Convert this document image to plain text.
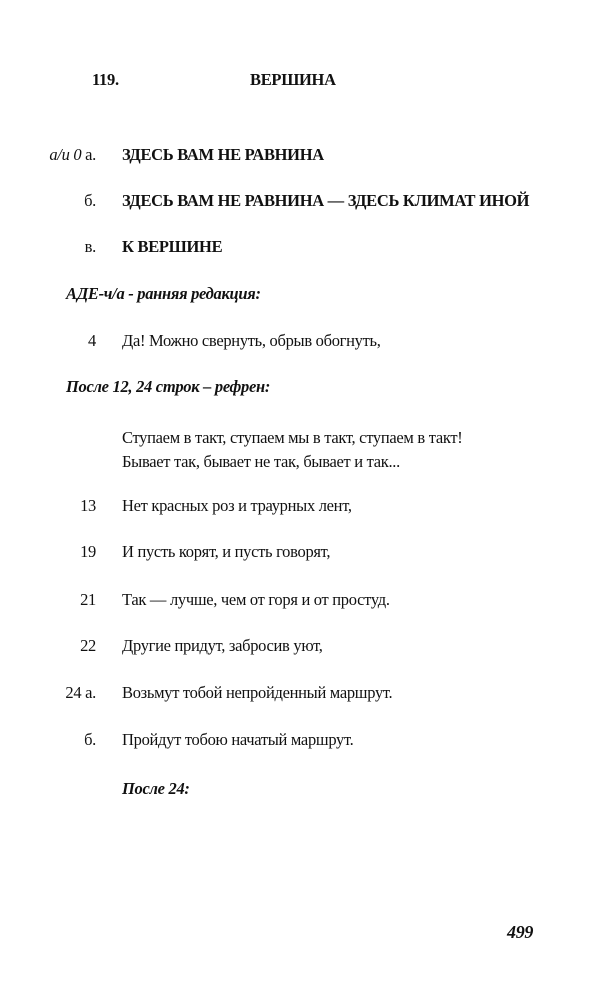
119.	ВЕРШИНА
а/и 0 а. ЗДЕСЬ ВАМ НЕ РАВНИНА
б. ЗДЕСЬ ВАМ НЕ РАВНИНА — ЗДЕСЬ КЛИМАТ ИНОЙ
в. К ВЕРШИНЕ
АДЕ-ч/а - ранняя редакция:
4 Да! Можно свернуть, обрыв обогнуть,
После 12, 24 строк – рефрен:
Ступаем в такт, ступаем мы в такт, ступаем в такт!
Бывает так, бывает не так, бывает и так...
13 Нет красных роз и траурных лент,
19 И пусть корят, и пусть говорят,
21 Так — лучше, чем от горя и от простуд.
22 Другие придут, забросив уют,
24 а. Возьмут тобой непройденный маршрут.
б. Пройдут тобою начатый маршрут.
После 24:
499
